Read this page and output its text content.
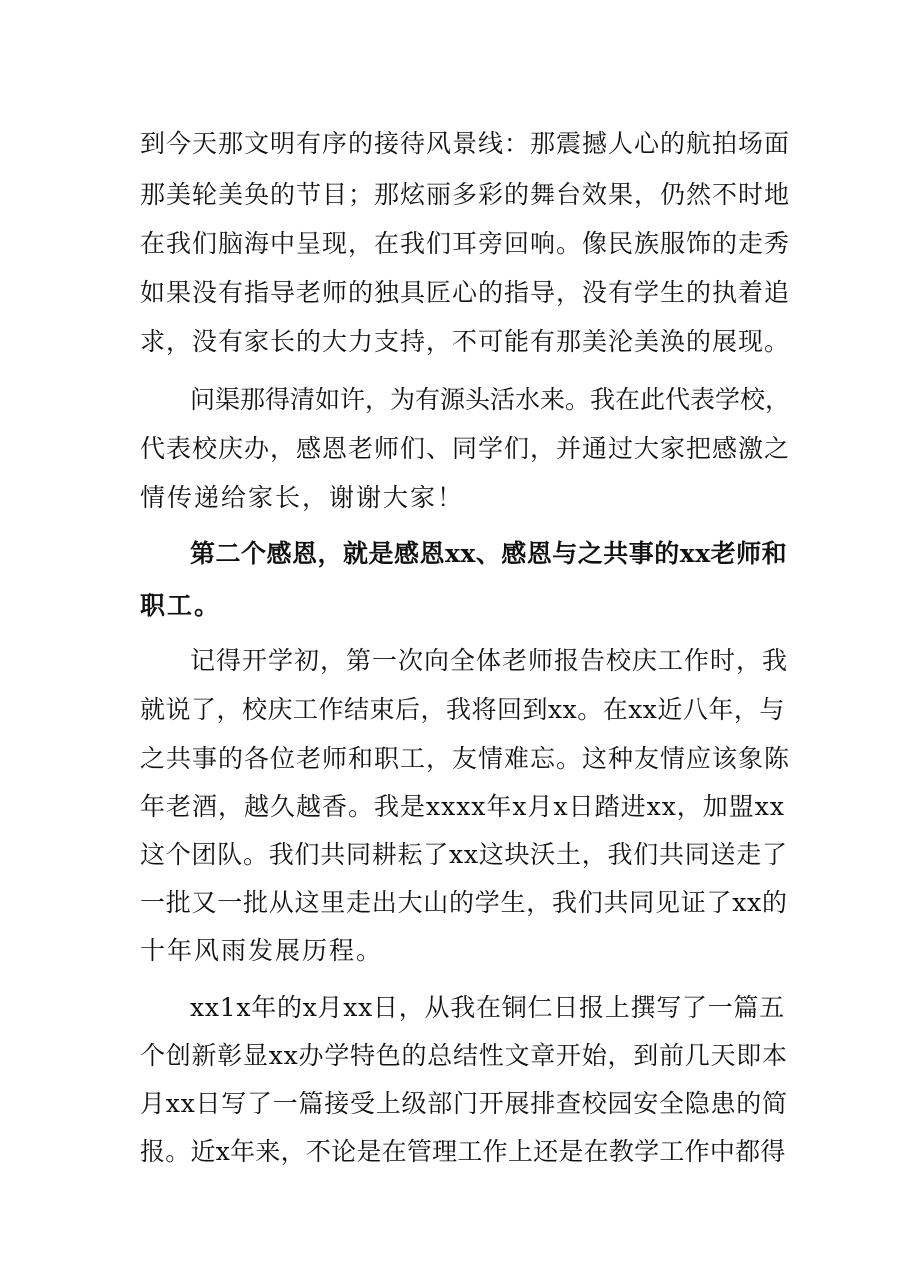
到今天那文明有序的接待风景线：那震撼人心的航拍场面
那美轮美奂的节目；那炫丽多彩的舞台效果，仍然不时地
在我们脑海中呈现，在我们耳旁回响。像民族服饰的走秀
如果没有指导老师的独具匠心的指导，没有学生的执着追
求，没有家长的大力支持，不可能有那美沦美涣的展现。
问渠那得清如许，为有源头活水来。我在此代表学校，
代表校庆办，感恩老师们、同学们，并通过大家把感激之
情传递给家长，谢谢大家！
第二个感恩，就是感恩xx、感恩与之共事的xx老师和
职工。
记得开学初，第一次向全体老师报告校庆工作时，我
就说了，校庆工作结束后，我将回到xx。在xx近八年，与
之共事的各位老师和职工，友情难忘。这种友情应该象陈
年老酒，越久越香。我是xxxx年x月x日踏进xx，加盟xx
这个团队。我们共同耕耘了xx这块沃土，我们共同送走了
一批又一批从这里走出大山的学生，我们共同见证了xx的
十年风雨发展历程。
xx1x年的x月xx日，从我在铜仁日报上撰写了一篇五
个创新彰显xx办学特色的总结性文章开始，到前几天即本
月xx日写了一篇接受上级部门开展排查校园安全隐患的简
报。近x年来，不论是在管理工作上还是在教学工作中都得
